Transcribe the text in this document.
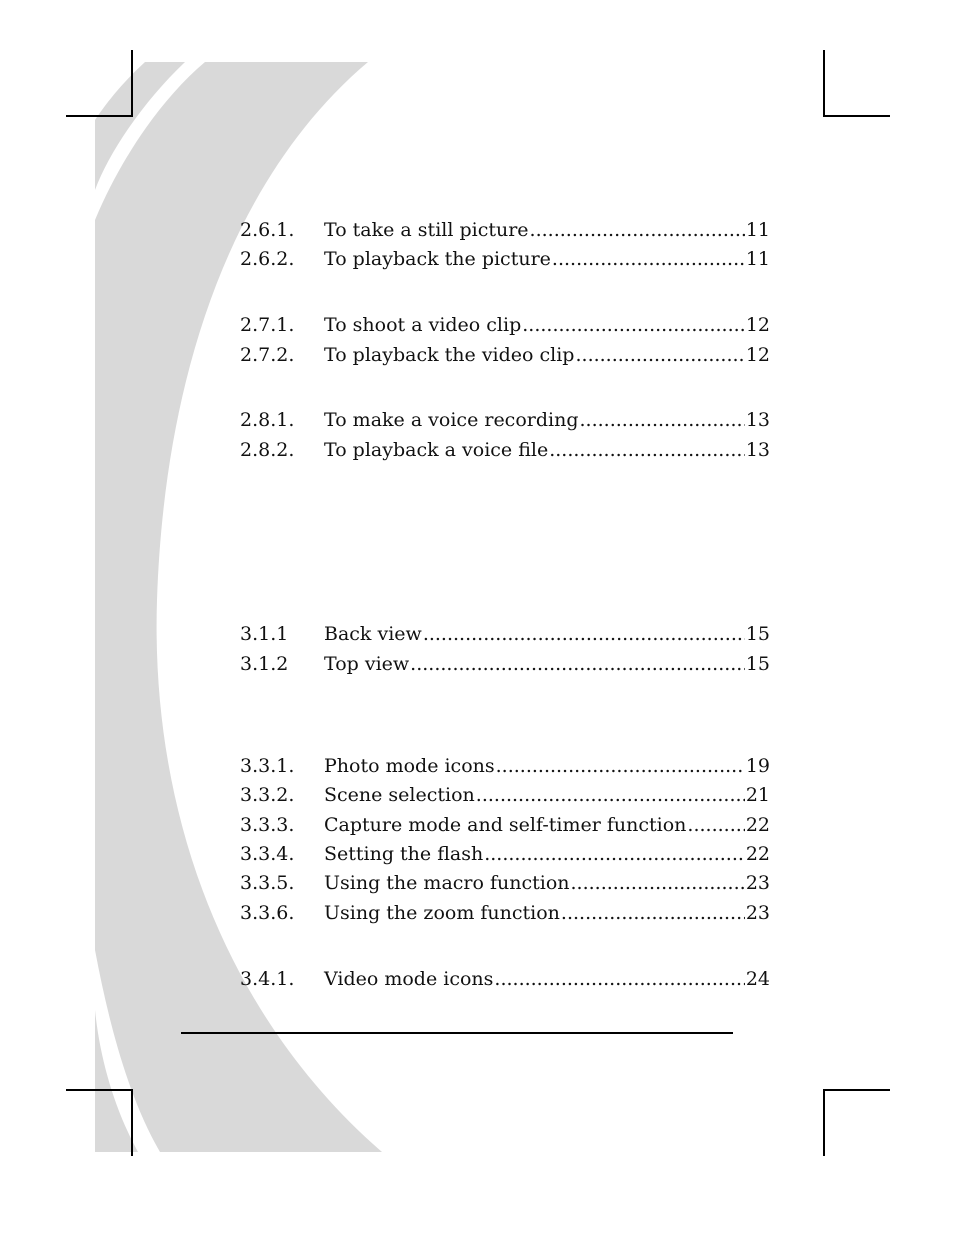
2.6.1.	To take a still picture .....	11
2.6.2.	To playback the picture .....	11
2.7.1.	To shoot a video clip .....	12
2.7.2.	To playback the video clip .....	12
2.8.1.	To make a voice recording .....	13
2.8.2.	To playback a voice file .....	13
3.1.1	Back view .....	15
3.1.2	Top view .....	15
3.3.1.	Photo mode icons .....	19
3.3.2.	Scene selection .....	21
3.3.3.	Capture mode and self-timer function .....	22
3.3.4.	Setting the flash .....	22
3.3.5.	Using the macro function .....	23
3.3.6.	Using the zoom function .....	23
3.4.1.	Video mode icons .....	24
